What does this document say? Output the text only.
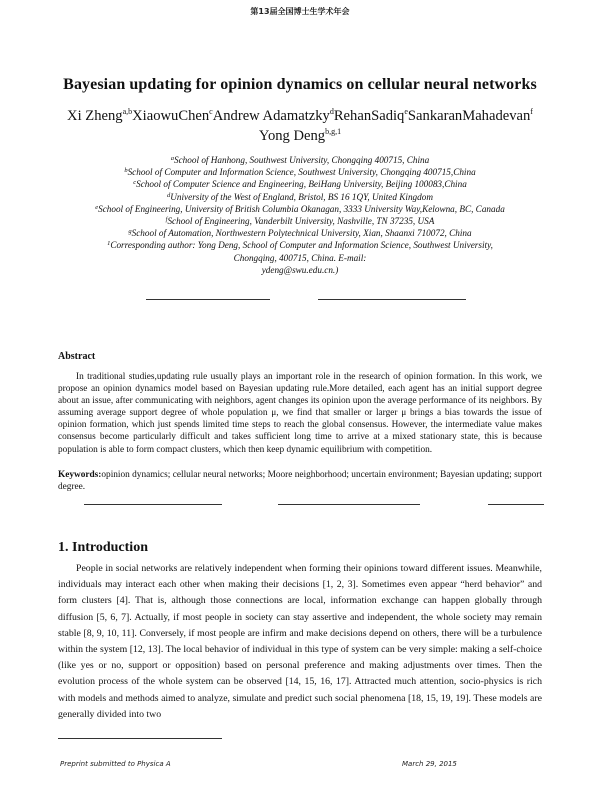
第13届全国博士生学术年会
Bayesian updating for opinion dynamics on cellular neural networks
Xi Zheng$^{a,b}$XiaowuChen$^c$Andrew Adamatzky$^d$RehanSadiq$^e$SankaranMahadevan$^f$
Yong Deng$^{b,g,1}$
$^a$School of Hanhong, Southwest University, Chongqing 400715, China
$^b$School of Computer and Information Science, Southwest University, Chongqing 400715,China
$^c$School of Computer Science and Engineering, BeiHang University, Beijing 100083,China
$^d$University of the West of England, Bristol, BS 16 1QY, United Kingdom
$^e$School of Engineering, University of British Columbia Okanagan, 3333 University Way,Kelowna, BC, Canada
$^f$School of Engineering, Vanderbilt University, Nashville, TN 37235, USA
$^g$School of Automation, Northwestern Polytechnical University, Xian, Shaanxi 710072, China
$^1$Corresponding author: Yong Deng, School of Computer and Information Science, Southwest University,
Chongqing, 400715, China. E-mail:
ydeng@swu.edu.cn.)
Abstract

In traditional studies,updating rule usually plays an important role in the research of opinion formation. In this work, we propose an opinion dynamics model based on Bayesian updating rule.More detailed, each agent has an initial support degree about an issue, after communicating with neighbors, agent changes its opinion upon the average performance of its neighbors. By assuming average support degree of whole population μ, we find that smaller or larger μ brings a bias towards the issue of opinion formation, which just spends limited time steps to reach the global consensus. However, the intermediate value makes consensus become particularly difficult and takes sufficient long time to arrive at a mixed stationary state, this is because population is able to form compact clusters, which then keep dynamic equilibrium with competition.

Keywords:opinion dynamics; cellular neural networks; Moore neighborhood; uncertain environment; Bayesian updating; support degree.

1. Introduction

People in social networks are relatively independent when forming their opinions toward different issues. Meanwhile, individuals may interact each other when making their decisions [1, 2, 3]. Sometimes even appear “herd behavior” and form clusters [4]. That is, although those connections are local, information exchange can happen globally through diffusion [5, 6, 7]. Actually, if most people in society can stay assertive and independent, the whole society may remain stable [8, 9, 10, 11]. Conversely, if most people are infirm and make decisions depend on others, there will be a turbulence within the system [12, 13]. The local behavior of individual in this type of system can be very simple: making a self-choice (like yes or no, support or opposition) based on personal preference and making adjustments over times. Then the evolution process of the whole system can be observed [14, 15, 16, 17]. Attracted much attention, socio-physics is rich with models and methods aimed to analyze, simulate and predict such social phenomena [18, 15, 19, 19]. These models are generally divided into two

Preprint submitted to Physica A	March 29, 2015
